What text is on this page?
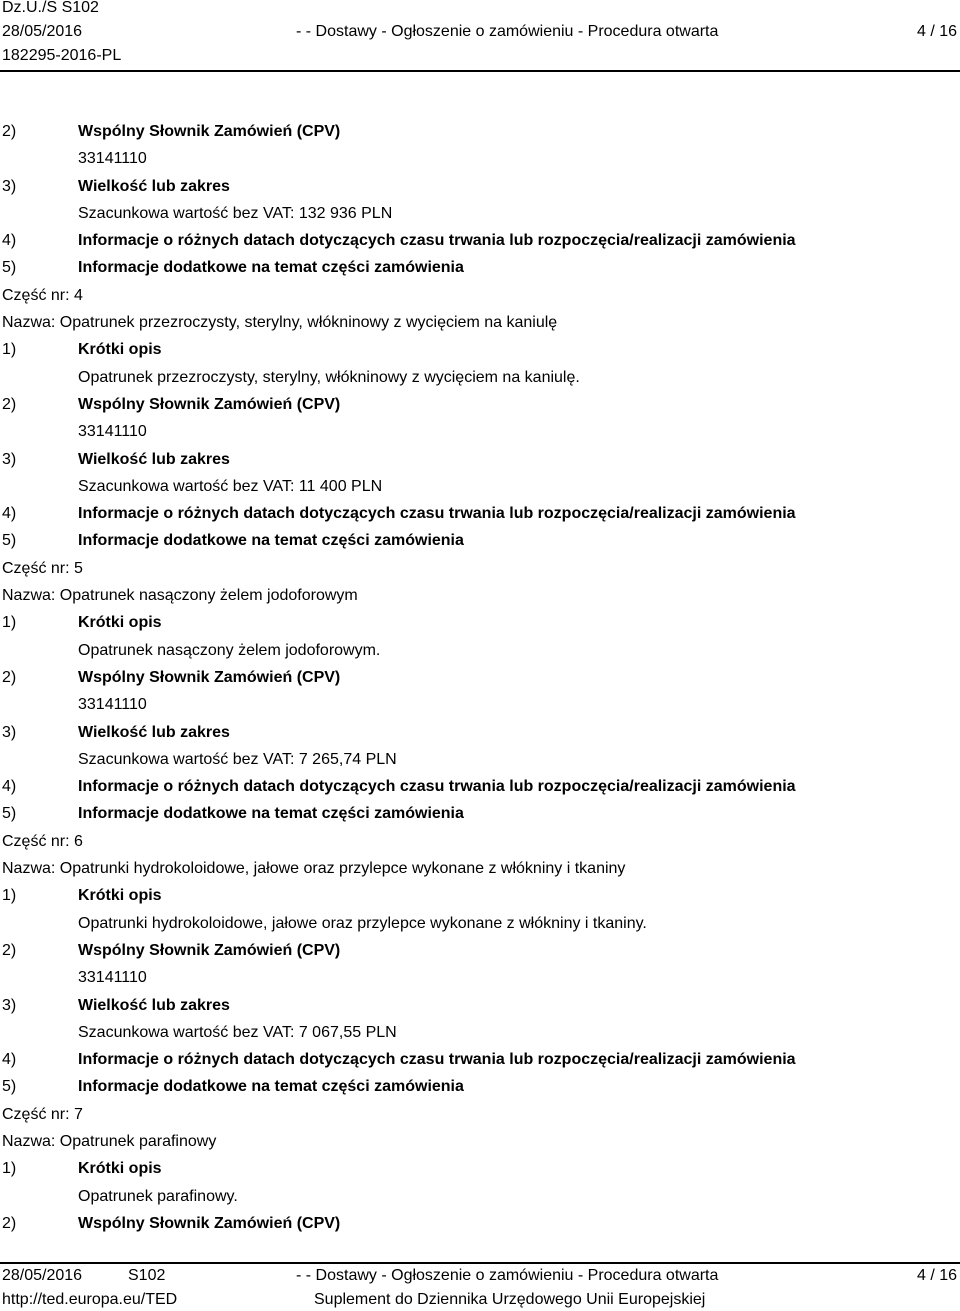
Dz.U./S S102
28/05/2016
182295-2016-PL
- - Dostawy - Ogłoszenie o zamówieniu - Procedura otwarta	4 / 16
2)	Wspólny Słownik Zamówień (CPV)
33141110
3)	Wielkość lub zakres
Szacunkowa wartość bez VAT: 132 936 PLN
4)	Informacje o różnych datach dotyczących czasu trwania lub rozpoczęcia/realizacji zamówienia
5)	Informacje dodatkowe na temat części zamówienia
Część nr: 4
Nazwa: Opatrunek przezroczysty, sterylny, włókninowy z wycięciem na kaniulę
1)	Krótki opis
Opatrunek przezroczysty, sterylny, włókninowy z wycięciem na kaniulę.
2)	Wspólny Słownik Zamówień (CPV)
33141110
3)	Wielkość lub zakres
Szacunkowa wartość bez VAT: 11 400 PLN
4)	Informacje o różnych datach dotyczących czasu trwania lub rozpoczęcia/realizacji zamówienia
5)	Informacje dodatkowe na temat części zamówienia
Część nr: 5
Nazwa: Opatrunek nasączony żelem jodoforowym
1)	Krótki opis
Opatrunek nasączony żelem jodoforowym.
2)	Wspólny Słownik Zamówień (CPV)
33141110
3)	Wielkość lub zakres
Szacunkowa wartość bez VAT: 7 265,74 PLN
4)	Informacje o różnych datach dotyczących czasu trwania lub rozpoczęcia/realizacji zamówienia
5)	Informacje dodatkowe na temat części zamówienia
Część nr: 6
Nazwa: Opatrunki hydrokoloidowe, jałowe oraz przylepce wykonane z włókniny i tkaniny
1)	Krótki opis
Opatrunki hydrokoloidowe, jałowe oraz przylepce wykonane z włókniny i tkaniny.
2)	Wspólny Słownik Zamówień (CPV)
33141110
3)	Wielkość lub zakres
Szacunkowa wartość bez VAT: 7 067,55 PLN
4)	Informacje o różnych datach dotyczących czasu trwania lub rozpoczęcia/realizacji zamówienia
5)	Informacje dodatkowe na temat części zamówienia
Część nr: 7
Nazwa: Opatrunek parafinowy
1)	Krótki opis
Opatrunek parafinowy.
2)	Wspólny Słownik Zamówień (CPV)
28/05/2016	S102
http://ted.europa.eu/TED
- - Dostawy - Ogłoszenie o zamówieniu - Procedura otwarta
Suplement do Dziennika Urzędowego Unii Europejskiej
4 / 16
